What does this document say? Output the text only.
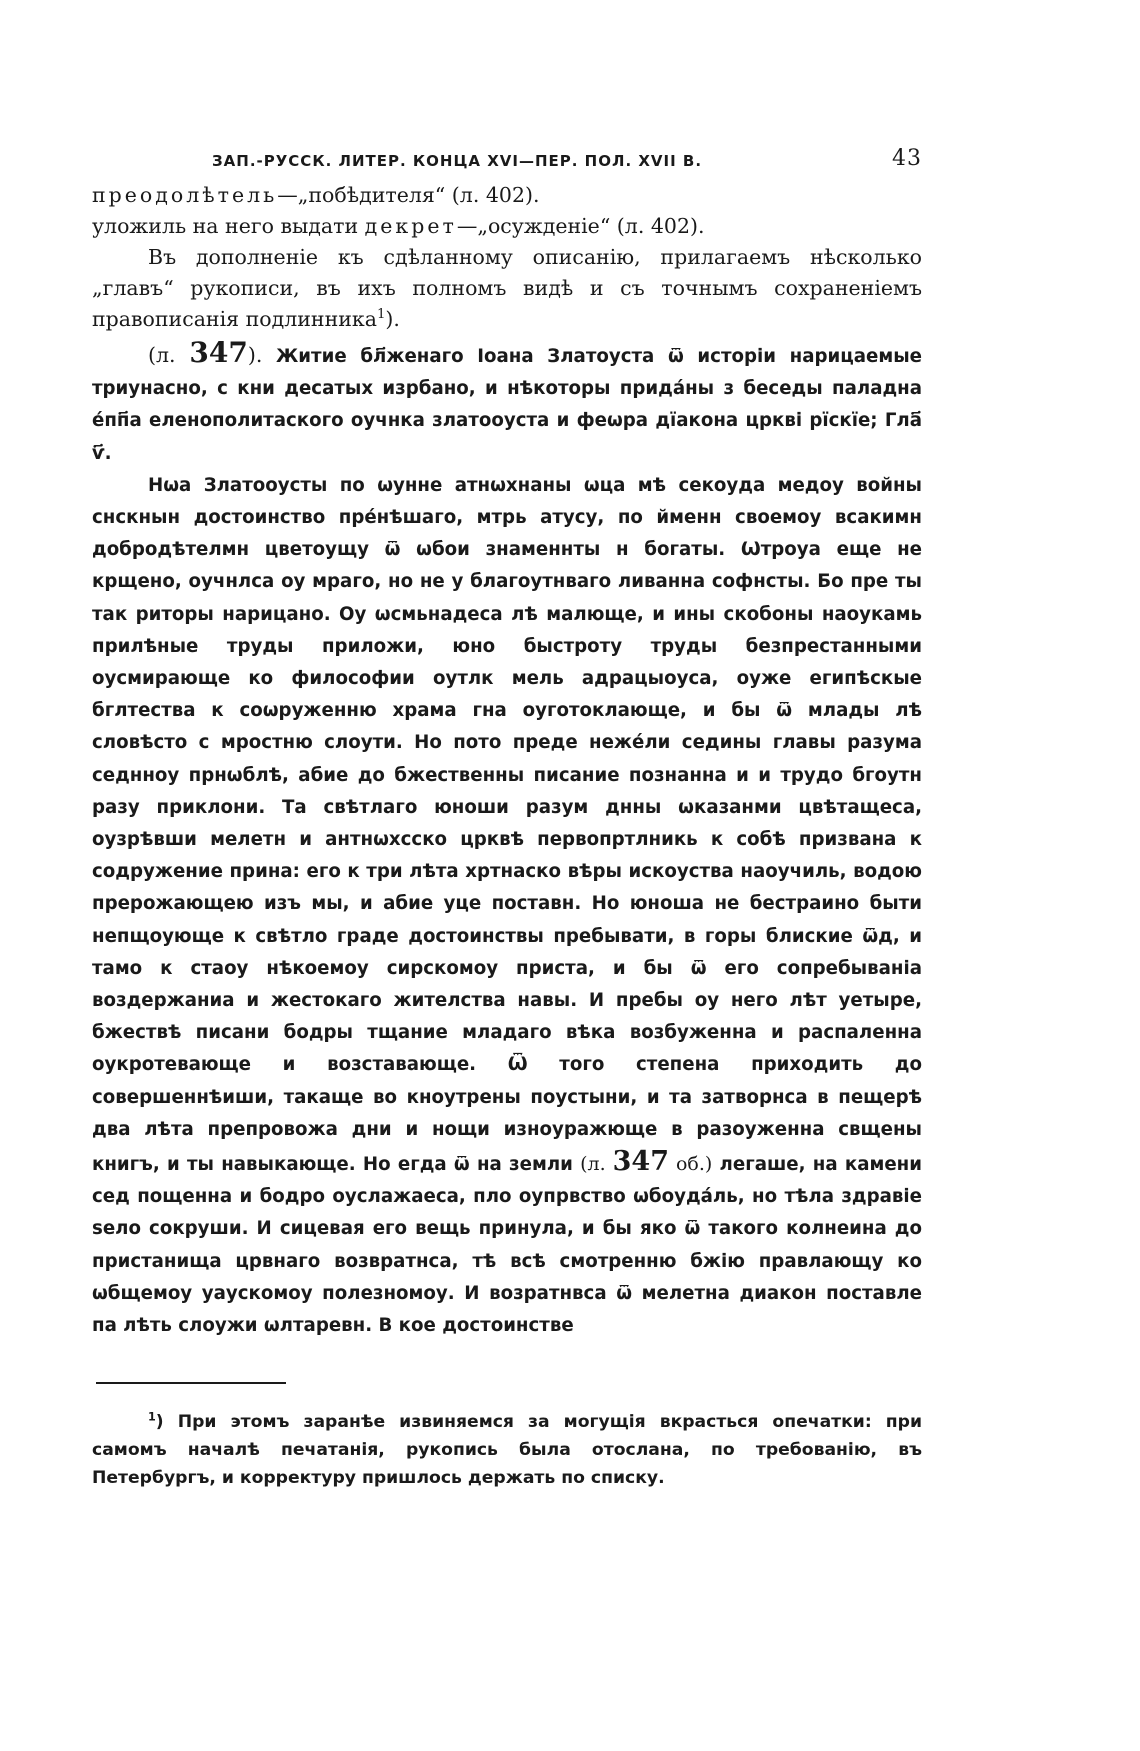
ЗАП.-РУССК. ЛИТЕР. КОНЦА XVI—ПЕР. ПОЛ. XVII В.	43

преодолѣтель—„побѣдителя“ (л. 402).

уложиль на него выдати декрет—„осужденіе“ (л. 402).

Въ дополненіе къ сдѣланному описанію, прилагаемъ нѣсколько „главъ“ рукописи, въ ихъ полномъ видѣ и съ точнымъ сохраненіемъ правописанія подлинника$^1$).

(л. 347). Житие бл҃женаго Іоана Златоуста ѿ исторіи нарицаемые триунасно, с кни десатых изрбано, и нѣкоторы прида́ны з беседы паладна е́пп҃а еленополитаского оучнка златооуста и феѡра дїакона цркві рїскїе; Гла҃ ѵ҃.

Нѡа Златооусты по ѡунне атнѡхнаны ѡца мѣ секоуда медоу войны снскнын достоинство пре́нѣшаго, мтрь атусу, по йменн своемоу всакимн добродѣтелмн цветоущу ѿ ѡбои знаменнты н богаты. Ѡтроуа еще не крщено, оучнлса оу мраго, но не у благоутнваго ливанна софнсты. Бо пре ты так риторы нарицано. Оу ѡсмьнадеса лѣ малюще, и ины скобоны наоукамь прилѣные труды приложи, юно быстроту труды безпрестанными оусмирающе ко философии оутлк мель адрацыоуса, оуже египѣскые бглтества к соѡруженню храма гна оуготоклающе, и бы ѿ млады лѣ словѣсто с мростню слоути. Но пото преде неже́ли седины главы разума седнноу прнѡблѣ, абие до бжественны писание познанна и и трудо бгоутн разу приклони. Та свѣтлаго юноши разум днны ѡказанми цвѣтащеса, оузрѣвши мелетн и антнѡхсско црквѣ первопртлникь к собѣ призвана к содружение прина: его к три лѣта хртнаско вѣры искоуства наоучиль, водою прерожающею изъ мы, и абие уце поставн. Но юноша не бестраино быти непщоующе к свѣтло граде достоинствы пребывати, в горы блиские ѿд, и тамо к стаоу нѣкоемоу сирскомоу приста, и бы ѿ его сопребываніа воздержаниа и жестокаго жителства навы. И пребы оу него лѣт уетыре, бжествѣ писани бодры тщание младаго вѣка возбуженна и распаленна оукротевающе и возставающе. Ѿ того степена приходить до совершеннѣиши, такаще во кноутрены поустыни, и та затворнса в пещерѣ два лѣта препровожа дни и нощи изноуражюще в разоуженна свщены книгъ, и ты навыкающе. Но егда ѿ на земли (л. 347 об.) легаше, на камени сед пощенна и бодро оуслажаеса, пло оупрвство ѡбоуда́ль, но тѣла здравіе ѕело сокруши. И сицевая его вещь принула, и бы яко ѿ такого колнеина до пристанища црвнаго возвратнса, тѣ всѣ смотренню бжію правлающу ко ѡбщемоу уаускомоу полезномоу. И возратнвса ѿ мелетна диакон поставле па лѣть слоужи ѡлтаревн. В кое достоинстве

$^1$) При этомъ заранѣе извиняемся за могущія вкрасться опечатки: при самомъ началѣ печатанія, рукопись была отослана, по требованію, въ Петербургъ, и корректуру пришлось держать по списку.
